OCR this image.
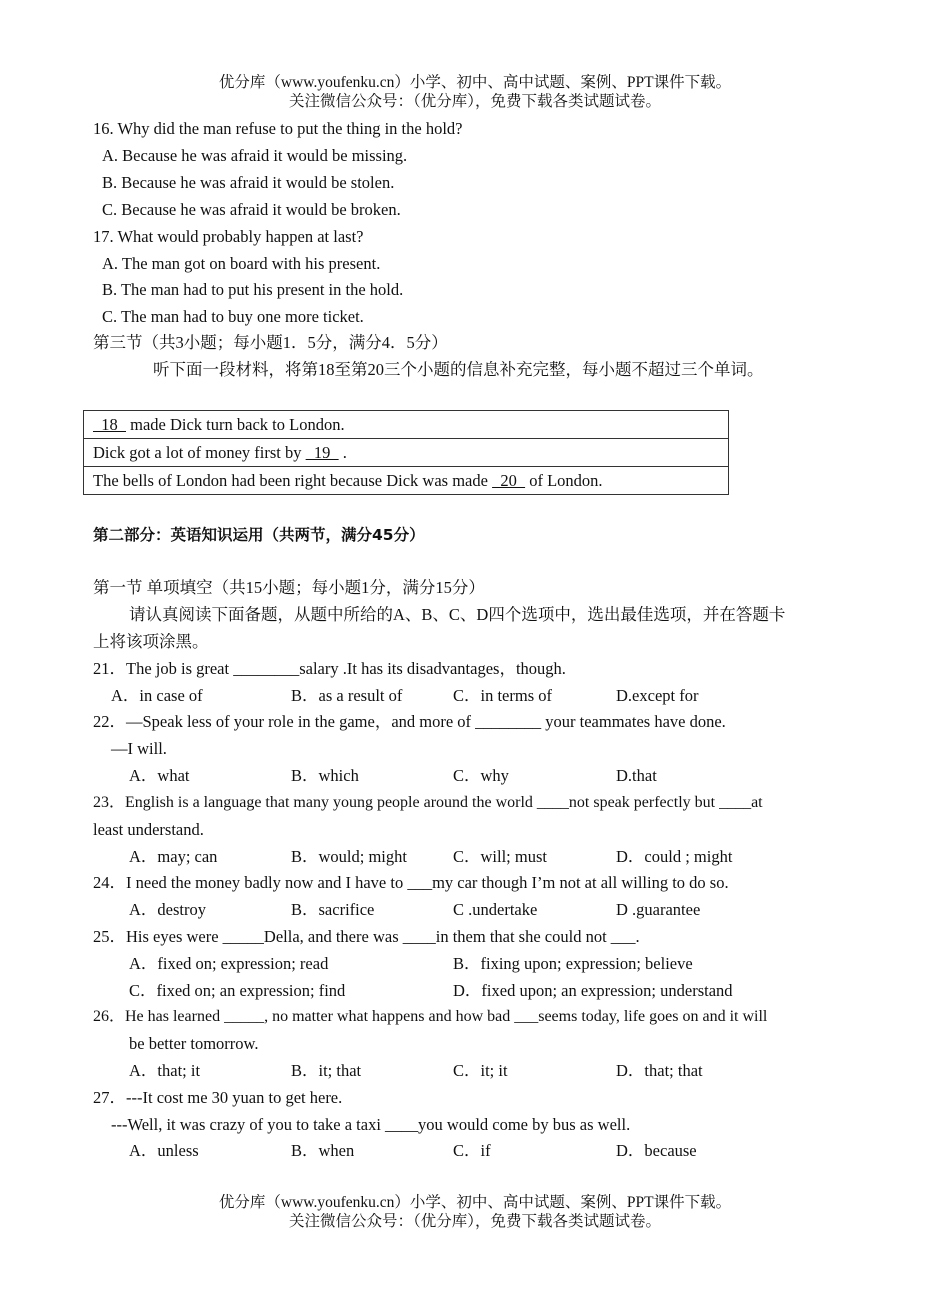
优分库（www.youfenku.cn）小学、初中、高中试题、案例、PPT课件下载。
关注微信公众号：（优分库），免费下载各类试题试卷。
16. Why did the man refuse to put the thing in the hold?
A. Because he was afraid it would be missing.
B. Because he was afraid it would be stolen.
C. Because he was afraid it would be broken.
17. What would probably happen at last?
A. The man got on board with his present.
B. The man had to put his present in the hold.
C. The man had to buy one more ticket.
第三节（共3小题；每小题1．5分，满分4．5分）
听下面一段材料，将第18至第20三个小题的信息补充完整，每小题不超过三个单词。
18   made Dick turn back to London.
Dick got a lot of money first by   19   .
The bells of London had been right because Dick was made   20   of London.
第二部分：英语知识运用（共两节，满分45分）
第一节 单项填空（共15小题；每小题1分，满分15分）
请认真阅读下面备题，从题中所给的A、B、C、D四个选项中，选出最佳选项，并在答题卡
上将该项涂黑。
21．The job is great ________salary .It has its disadvantages，though.
A．in case of	B．as a result of	C．in terms of	D.except for
22．—Speak less of your role in the game，and more of ________ your teammates have done.
—I will.
A．what	B．which	C．why	D.that
23．English is a language that many young people around the world ____not speak perfectly but ____at
least understand.
A．may; can	B．would; might	C．will; must	D．could ; might
24．I need the money badly now and I have to ___my car though I’m not at all willing to do so.
A．destroy	B．sacrifice	C .undertake	D .guarantee
25．His eyes were _____Della, and there was ____in them that she could not ___.
A．fixed on; expression; read	B．fixing upon; expression; believe
C．fixed on; an expression; find	D．fixed upon; an expression; understand
26．He has learned _____, no matter what happens and how bad ___seems today, life goes on and it will
be better tomorrow.
A．that; it	B．it; that	C．it; it	D．that; that
27．---It cost me 30 yuan to get here.
---Well, it was crazy of you to take a taxi ____you would come by bus as well.
A．unless	B．when	C．if	D．because
优分库（www.youfenku.cn）小学、初中、高中试题、案例、PPT课件下载。
关注微信公众号：（优分库），免费下载各类试题试卷。
